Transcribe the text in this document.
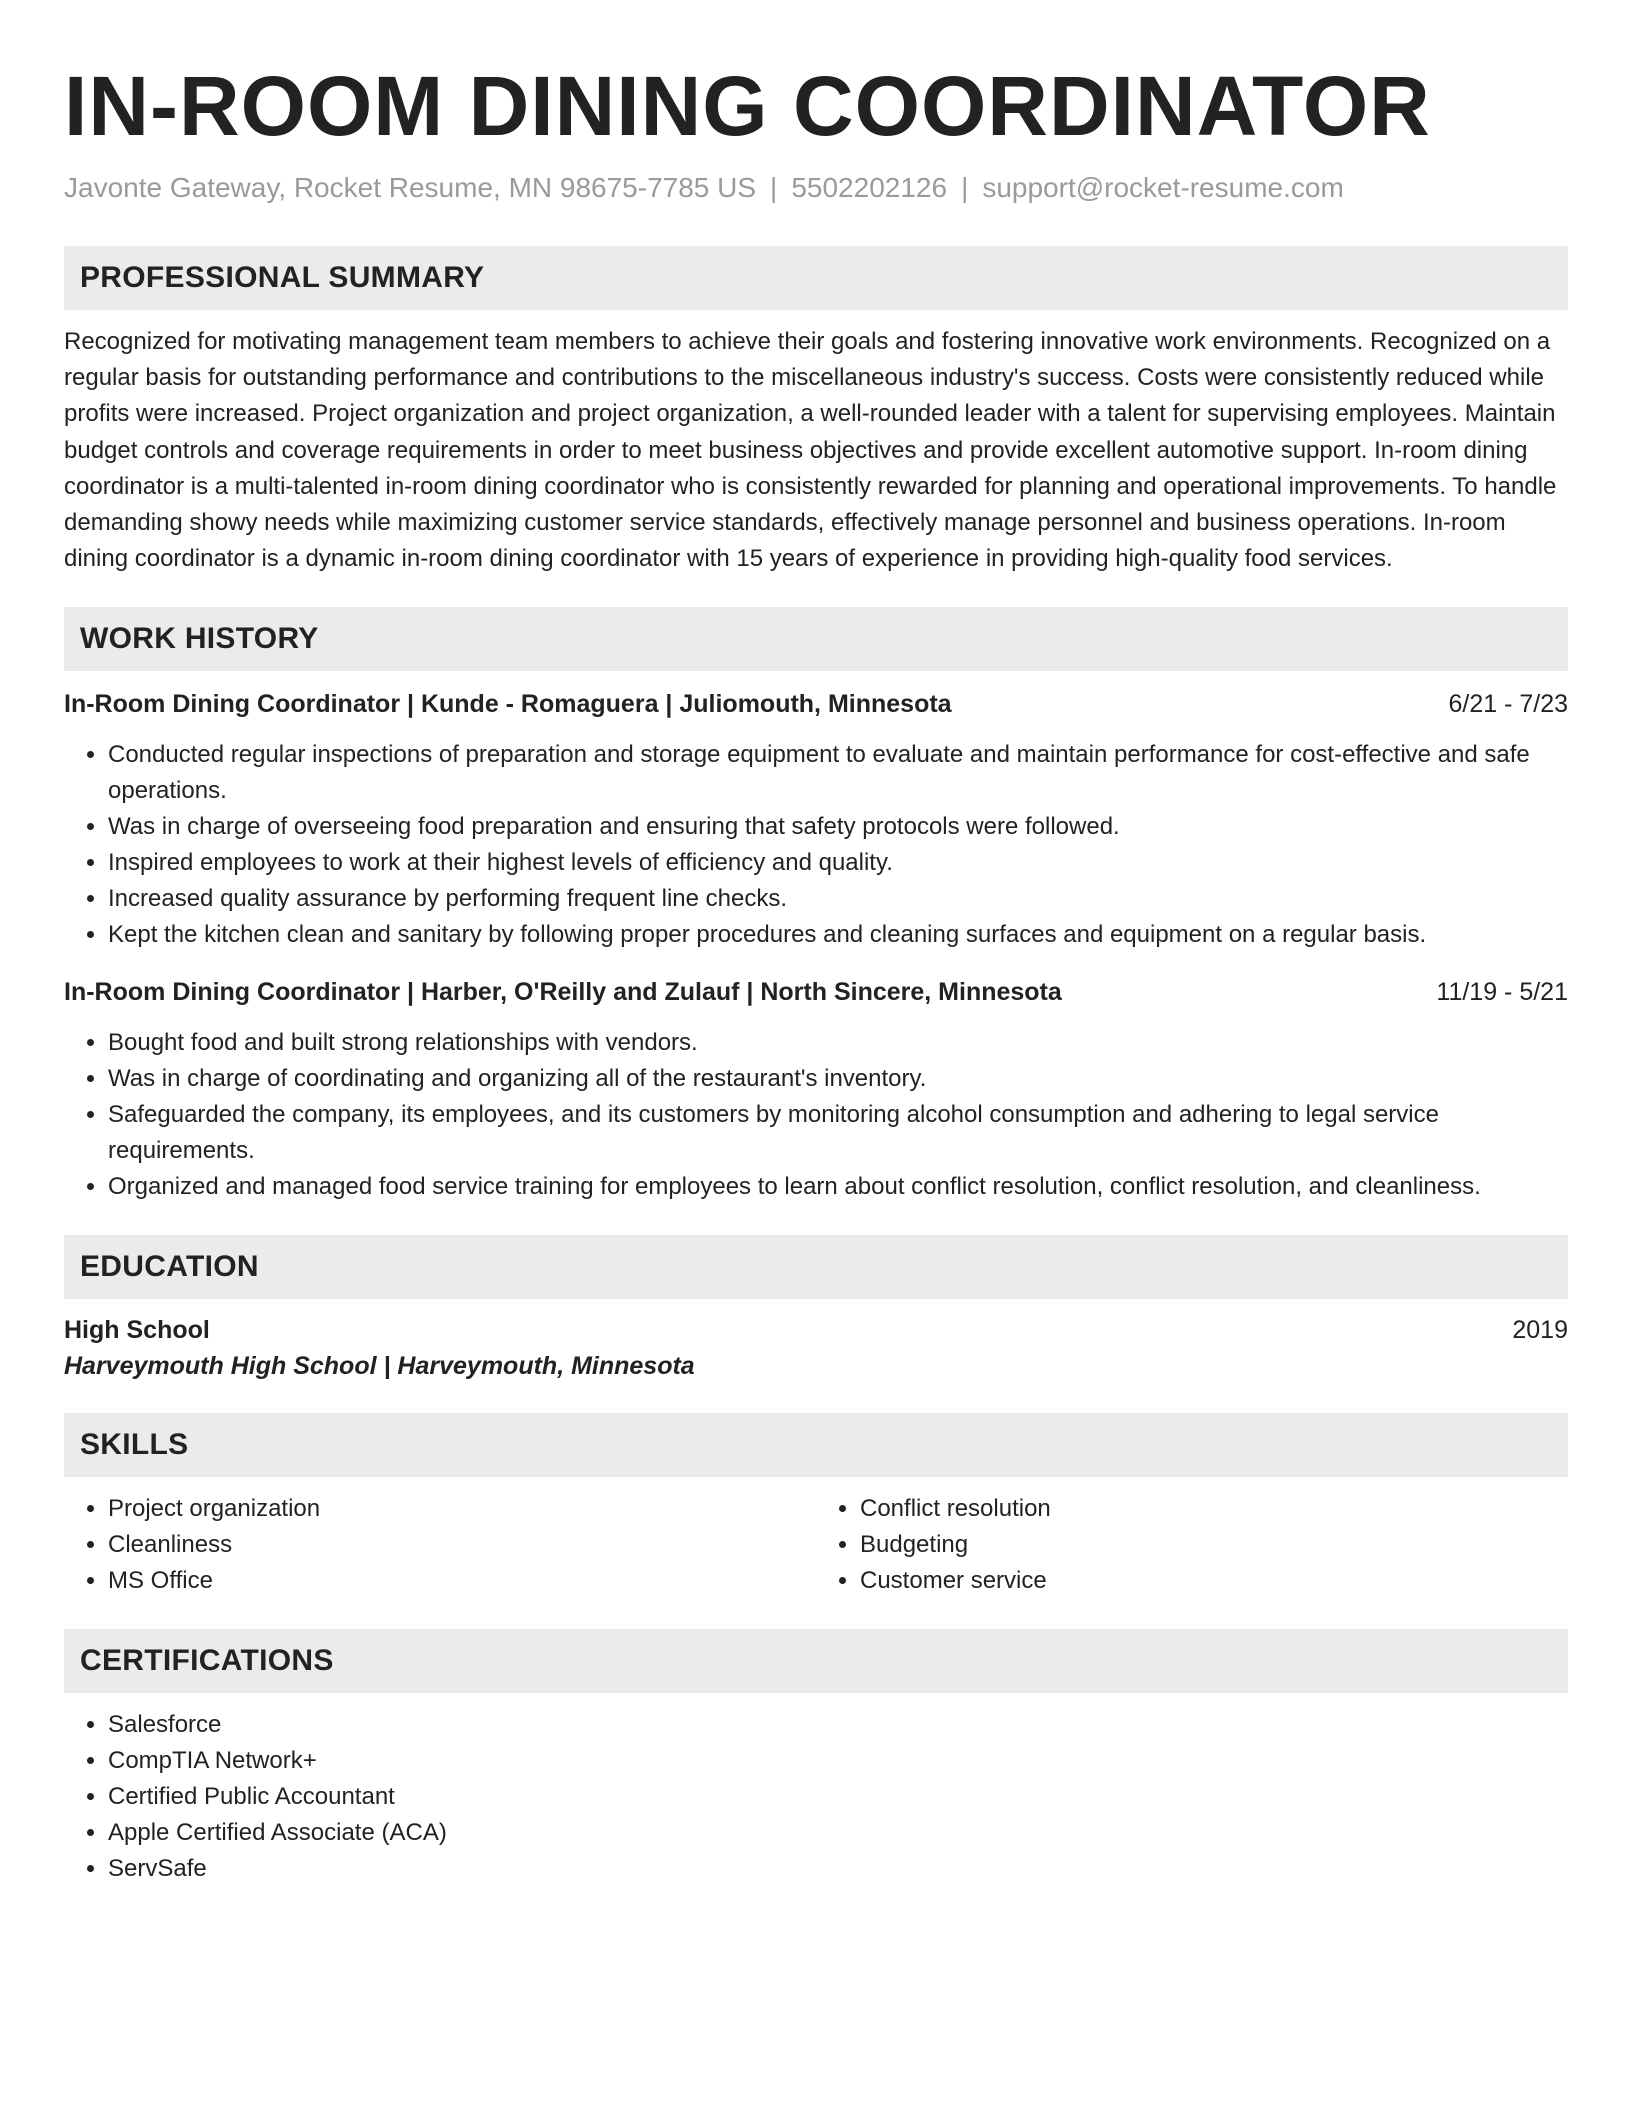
IN-ROOM DINING COORDINATOR
Javonte Gateway, Rocket Resume, MN 98675-7785 US | 5502202126 | support@rocket-resume.com
PROFESSIONAL SUMMARY
Recognized for motivating management team members to achieve their goals and fostering innovative work environments. Recognized on a regular basis for outstanding performance and contributions to the miscellaneous industry's success. Costs were consistently reduced while profits were increased. Project organization and project organization, a well-rounded leader with a talent for supervising employees. Maintain budget controls and coverage requirements in order to meet business objectives and provide excellent automotive support. In-room dining coordinator is a multi-talented in-room dining coordinator who is consistently rewarded for planning and operational improvements. To handle demanding showy needs while maximizing customer service standards, effectively manage personnel and business operations. In-room dining coordinator is a dynamic in-room dining coordinator with 15 years of experience in providing high-quality food services.
WORK HISTORY
In-Room Dining Coordinator | Kunde - Romaguera | Juliomouth, Minnesota	6/21 - 7/23
• Conducted regular inspections of preparation and storage equipment to evaluate and maintain performance for cost-effective and safe operations.
• Was in charge of overseeing food preparation and ensuring that safety protocols were followed.
• Inspired employees to work at their highest levels of efficiency and quality.
• Increased quality assurance by performing frequent line checks.
• Kept the kitchen clean and sanitary by following proper procedures and cleaning surfaces and equipment on a regular basis.
In-Room Dining Coordinator | Harber, O'Reilly and Zulauf | North Sincere, Minnesota	11/19 - 5/21
• Bought food and built strong relationships with vendors.
• Was in charge of coordinating and organizing all of the restaurant's inventory.
• Safeguarded the company, its employees, and its customers by monitoring alcohol consumption and adhering to legal service requirements.
• Organized and managed food service training for employees to learn about conflict resolution, conflict resolution, and cleanliness.
EDUCATION
High School	2019
Harveymouth High School | Harveymouth, Minnesota
SKILLS
• Project organization
• Cleanliness
• MS Office
• Conflict resolution
• Budgeting
• Customer service
CERTIFICATIONS
• Salesforce
• CompTIA Network+
• Certified Public Accountant
• Apple Certified Associate (ACA)
• ServSafe
